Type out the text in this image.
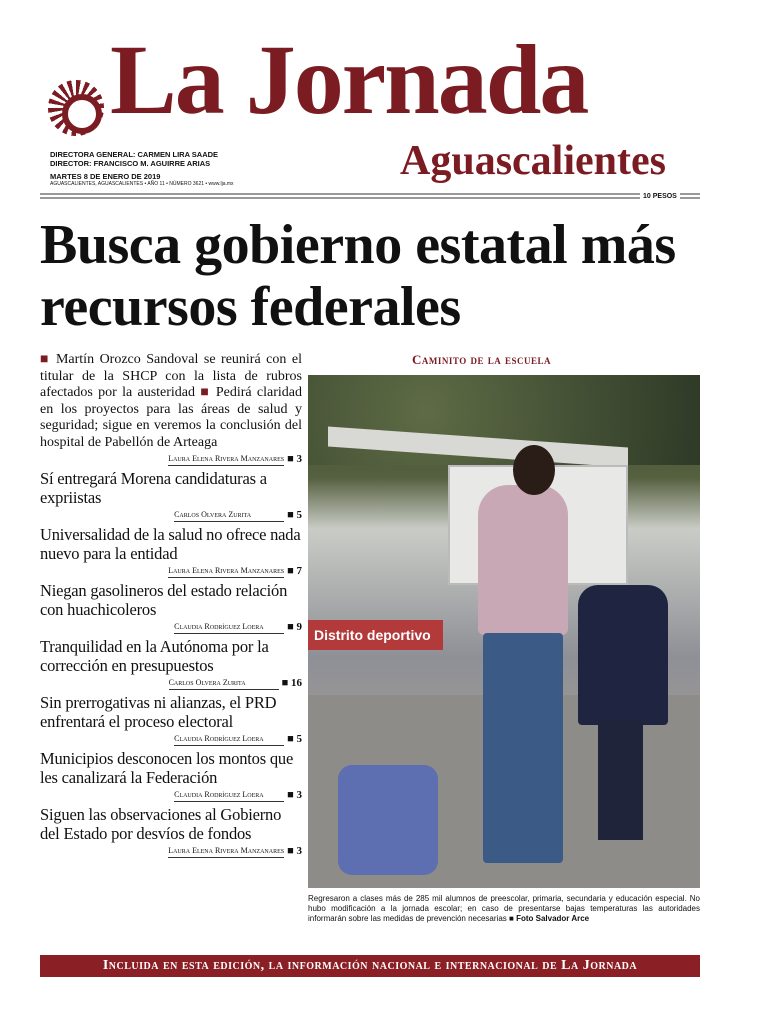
La Jornada
Aguascalientes
DIRECTORA GENERAL: CARMEN LIRA SAADE
DIRECTOR: FRANCISCO M. AGUIRRE ARIAS
MARTES 8 DE ENERO DE 2019
AGUASCALIENTES, AGUASCALIENTES • AÑO 11 • NÚMERO 3621 • www.lja.mx
10 PESOS
Busca gobierno estatal más recursos federales
■ Martín Orozco Sandoval se reunirá con el titular de la SHCP con la lista de rubros afectados por la austeridad ■ Pedirá claridad en los proyectos para las áreas de salud y seguridad; sigue en veremos la conclusión del hospital de Pabellón de Arteaga
Laura Elena Rivera Manzanares ■ 3
Sí entregará Morena candidaturas a expriistas
Carlos Olvera Zurita	■ 5
Universalidad de la salud no ofrece nada nuevo para la entidad
Laura Elena Rivera Manzanares ■ 7
Niegan gasolineros del estado relación con huachicoleros
Claudia Rodríguez Loera	■ 9
Tranquilidad en la Autónoma por la corrección en presupuestos
Carlos Olvera Zurita	■ 16
Sin prerrogativas ni alianzas, el PRD enfrentará el proceso electoral
Claudia Rodríguez Loera	■ 5
Municipios desconocen los montos que les canalizará la Federación
Claudia Rodríguez Loera	■ 3
Siguen las observaciones al Gobierno del Estado por desvíos de fondos
Laura Elena Rivera Manzanares ■ 3
Caminito de la escuela
Distrito deportivo
Regresaron a clases más de 285 mil alumnos de preescolar, primaria, secundaria y educación especial. No hubo modificación a la jornada escolar; en caso de presentarse bajas temperaturas las autoridades informarán sobre las medidas de prevención necesarias ■ Foto Salvador Arce
Incluida en esta edición, la información nacional e internacional de La Jornada
